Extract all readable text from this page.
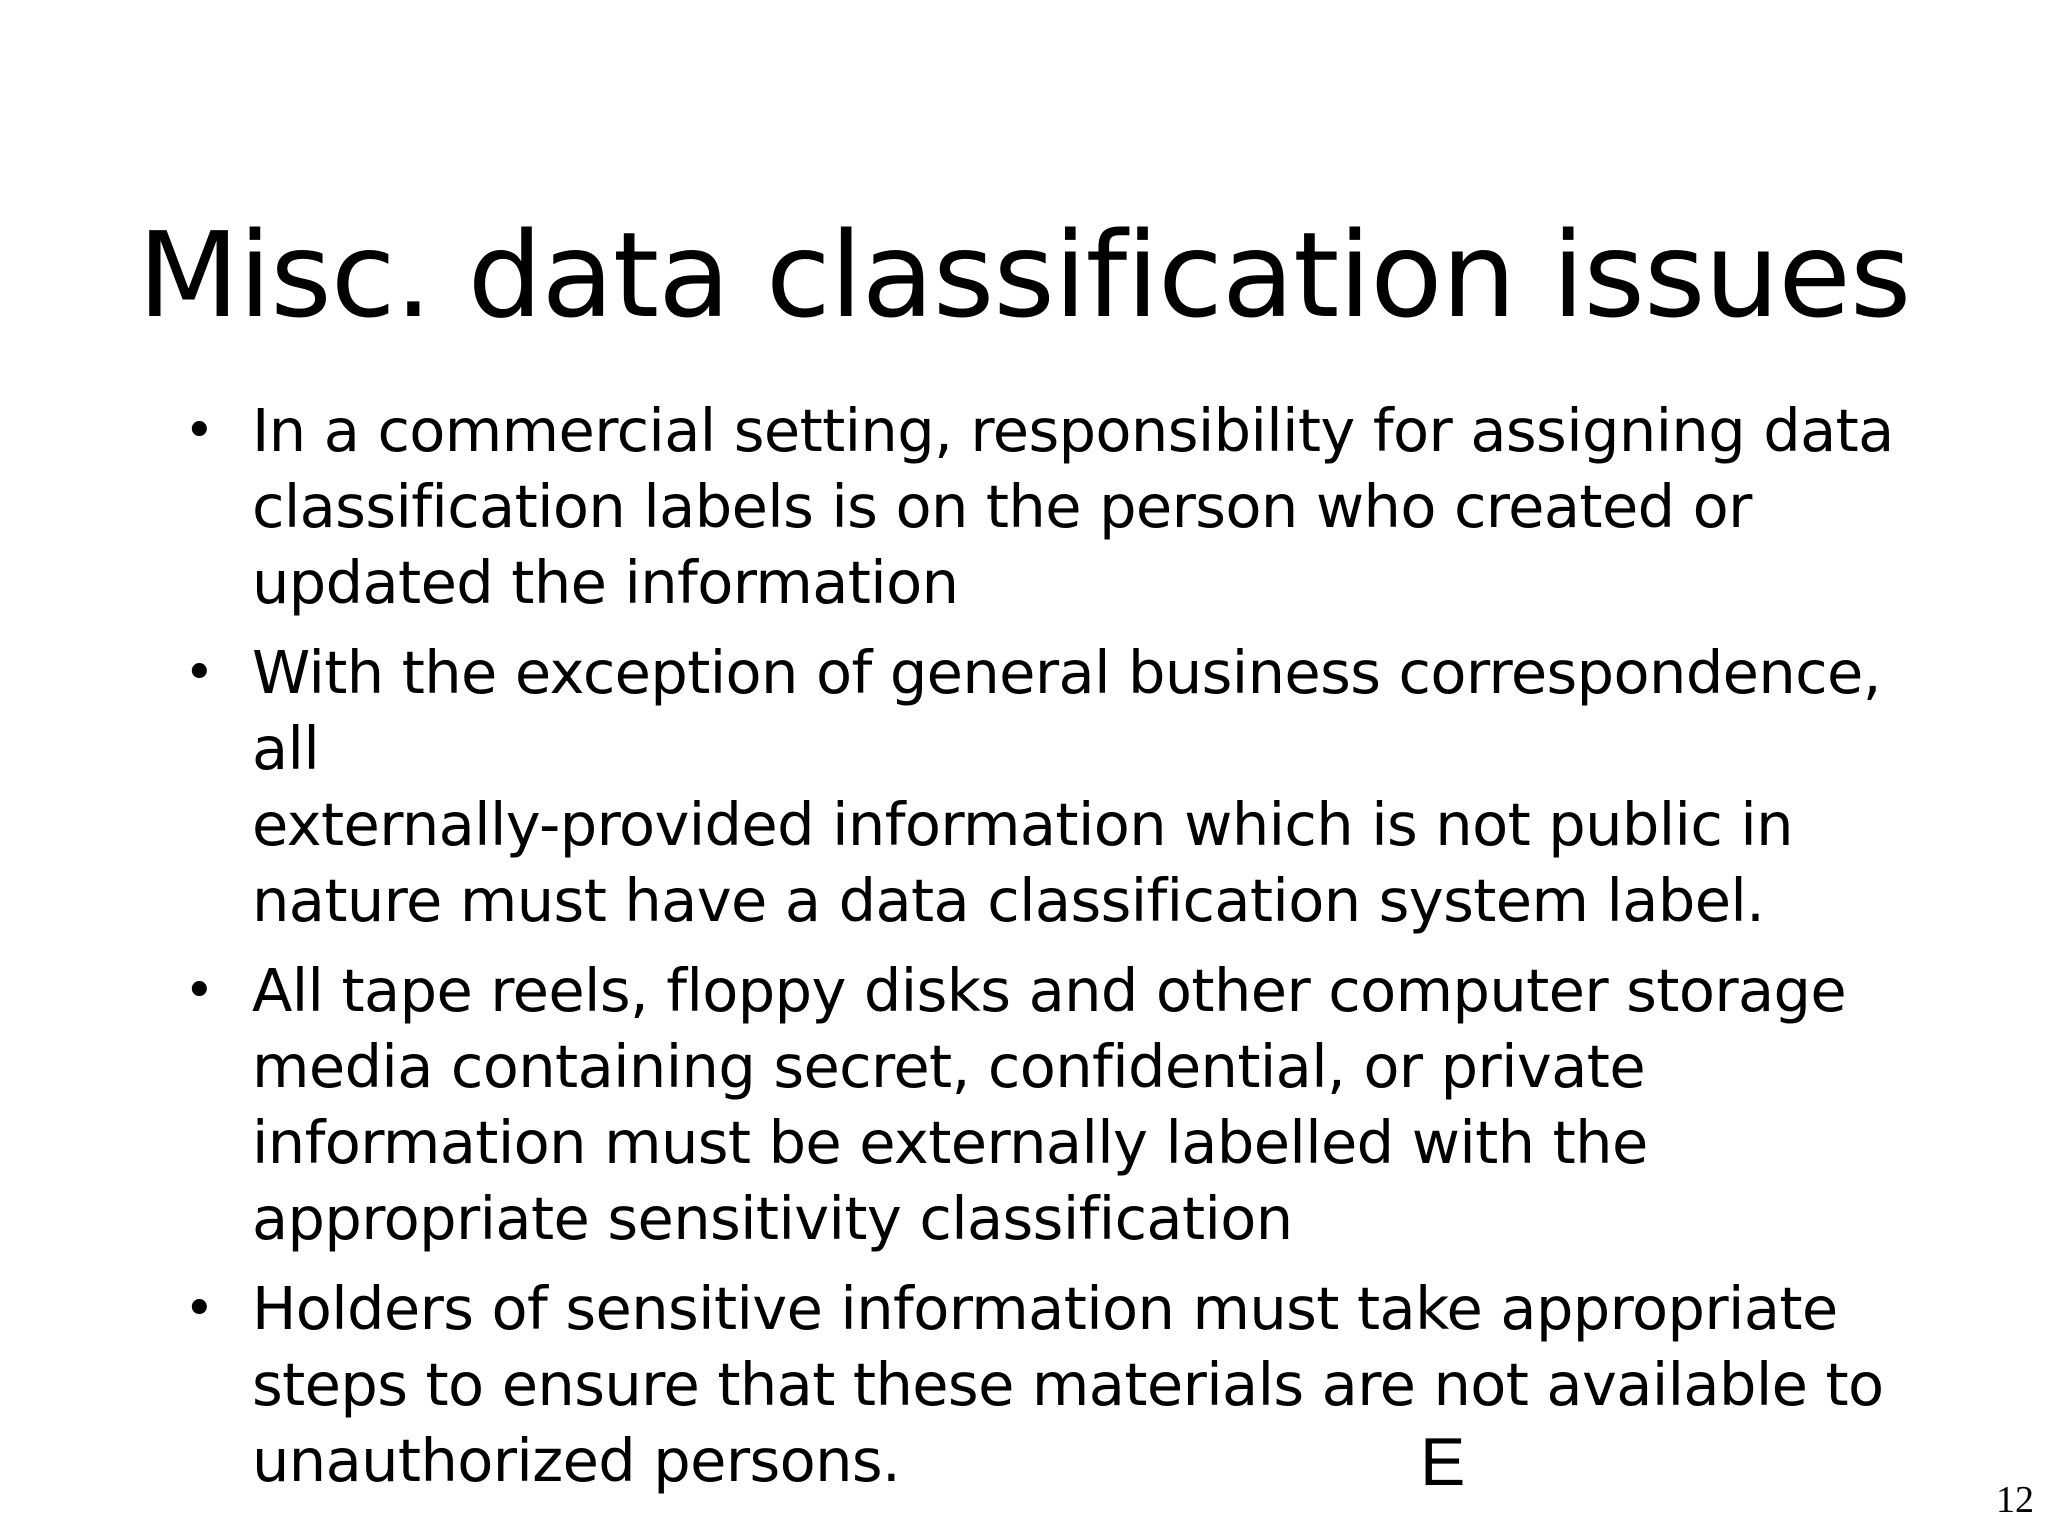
Misc. data classification issues
• In a commercial setting, responsibility for assigning data
classification labels is on the person who created or
updated the information
• With the exception of general business correspondence, all
externally-provided information which is not public in
nature must have a data classification system label.
• All tape reels, floppy disks and other computer storage
media containing secret, confidential, or private
information must be externally labelled with the
appropriate sensitivity classification
• Holders of sensitive information must take appropriate
steps to ensure that these materials are not available to
unauthorized persons.	E	12
